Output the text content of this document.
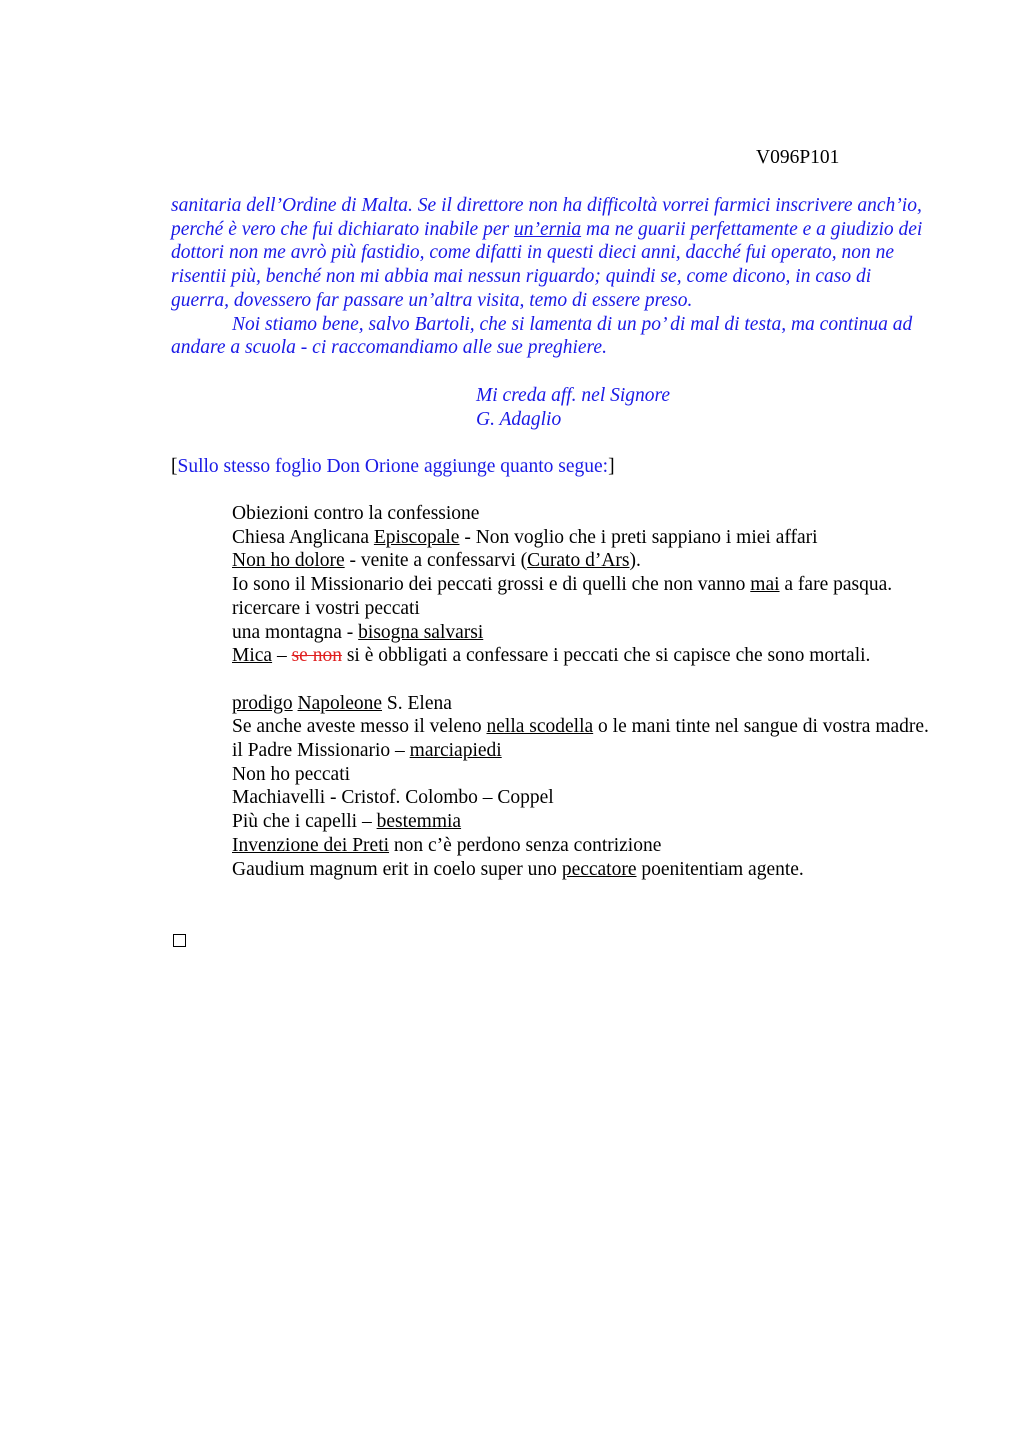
V096P101

sanitaria dell’Ordine di Malta. Se il direttore non ha difficoltà vorrei farmici inscrivere anch’io, perché è vero che fui dichiarato inabile per un’ernia ma ne guarii perfettamente e a giudizio dei dottori non me avrò più fastidio, come difatti in questi dieci anni, dacché fui operato, non ne risentii più, benché non mi abbia mai nessun riguardo; quindi se, come dicono, in caso di guerra, dovessero far passare un’altra visita, temo di essere preso.

Noi stiamo bene, salvo Bartoli, che si lamenta di un po’ di mal di testa, ma continua ad andare a scuola - ci raccomandiamo alle sue preghiere.

Mi creda aff. nel Signore
G. Adaglio
[Sullo stesso foglio Don Orione aggiunge quanto segue:]

Obiezioni contro la confessione

Chiesa Anglicana Episcopale - Non voglio che i preti sappiano i miei affari

Non ho dolore - venite a confessarvi (Curato d’Ars).

Io sono il Missionario dei peccati grossi e di quelli che non vanno mai a fare pasqua.

ricercare i vostri peccati

una montagna - bisogna salvarsi

Mica – se non si è obbligati a confessare i peccati che si capisce che sono mortali.

prodigo Napoleone S. Elena

Se anche aveste messo il veleno nella scodella o le mani tinte nel sangue di vostra madre.

il Padre Missionario – marciapiedi

Non ho peccati

Machiavelli - Cristof. Colombo – Coppel

Più che i capelli – bestemmia

Invenzione dei Preti non c’è perdono senza contrizione

Gaudium magnum erit in coelo super uno peccatore poenitentiam agente.
